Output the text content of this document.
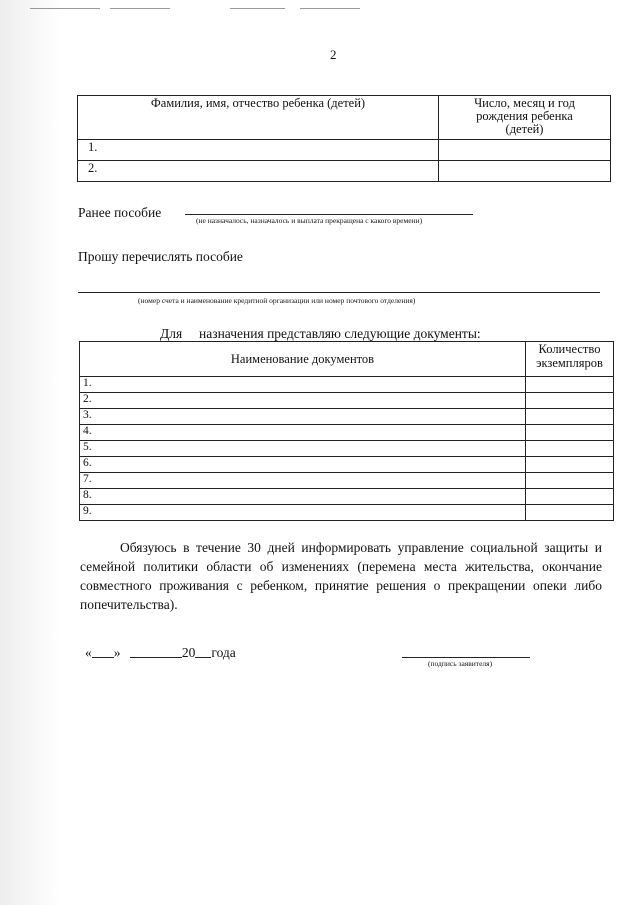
2
Фамилия, имя, отчество ребенка (детей)	Число, месяц и год
рождения ребенка
(детей)

1.	
2.	
Ранее пособие
(не назначалось, назначалось и выплата прекращена с какого времени)
Прошу перечислять пособие
(номер счета и наименование кредитной организации или номер почтового отделения)
Для     назначения представляю следующие документы:
Наименование документов	Количество
экземпляров

1.	
2.	
3.	
4.	
5.	
6.	
7.	
8.	
9.	
Обязуюсь в течение 30 дней информировать управление социальной защиты и семейной политики области об изменениях (перемена места жительства, окончание совместного проживания с ребенком, принятие решения о прекращении опеки либо попечительства).
« »	20 года
(подпись заявителя)
